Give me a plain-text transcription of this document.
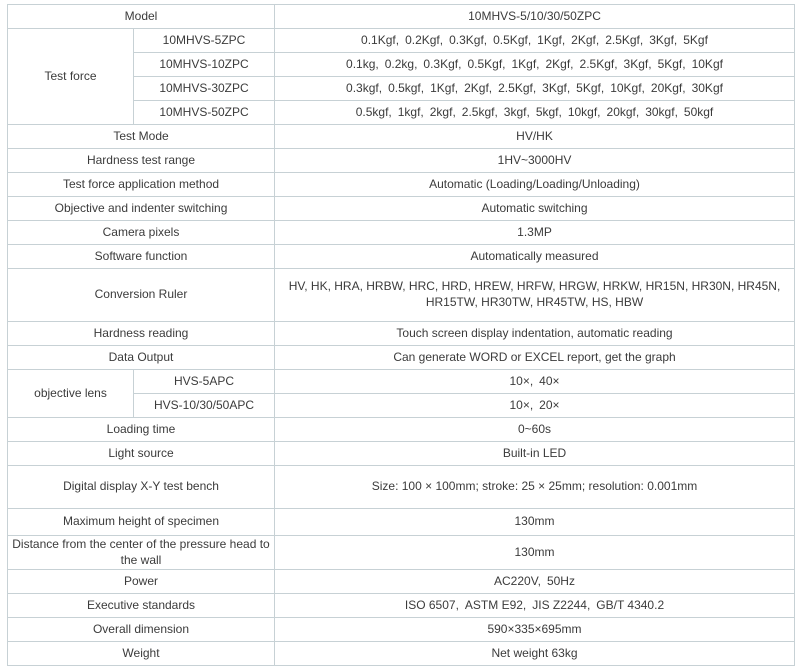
Model		10MHVS-5/10/30/50ZPC
Test force	10MHVS-5ZPC	0.1Kgf, 0.2Kgf, 0.3Kgf, 0.5Kgf, 1Kgf, 2Kgf, 2.5Kgf, 3Kgf, 5Kgf
	10MHVS-10ZPC	0.1kg, 0.2kg, 0.3Kgf, 0.5Kgf, 1Kgf, 2Kgf, 2.5Kgf, 3Kgf, 5Kgf, 10Kgf
	10MHVS-30ZPC	0.3kgf, 0.5kgf, 1Kgf, 2Kgf, 2.5Kgf, 3Kgf, 5Kgf, 10Kgf, 20Kgf, 30Kgf
	10MHVS-50ZPC	0.5kgf, 1kgf, 2kgf, 2.5kgf, 3kgf, 5kgf, 10kgf, 20kgf, 30kgf, 50kgf
Test Mode		HV/HK
Hardness test range		1HV~3000HV
Test force application method		Automatic (Loading/Loading/Unloading)
Objective and indenter switching		Automatic switching
Camera pixels		1.3MP
Software function		Automatically measured
Conversion Ruler		HV, HK, HRA, HRBW, HRC, HRD, HREW, HRFW, HRGW, HRKW, HR15N, HR30N, HR45N, HR15TW, HR30TW, HR45TW, HS, HBW
Hardness reading		Touch screen display indentation, automatic reading
Data Output		Can generate WORD or EXCEL report, get the graph
objective lens	HVS-5APC	10×, 40×
	HVS-10/30/50APC	10×, 20×
Loading time		0~60s
Light source		Built-in LED
Digital display X-Y test bench		Size: 100 × 100mm; stroke: 25 × 25mm; resolution: 0.001mm
Maximum height of specimen		130mm
Distance from the center of the pressure head to the wall		130mm
Power		AC220V, 50Hz
Executive standards		ISO 6507, ASTM E92, JIS Z2244, GB/T 4340.2
Overall dimension		590×335×695mm
Weight		Net weight 63kg
